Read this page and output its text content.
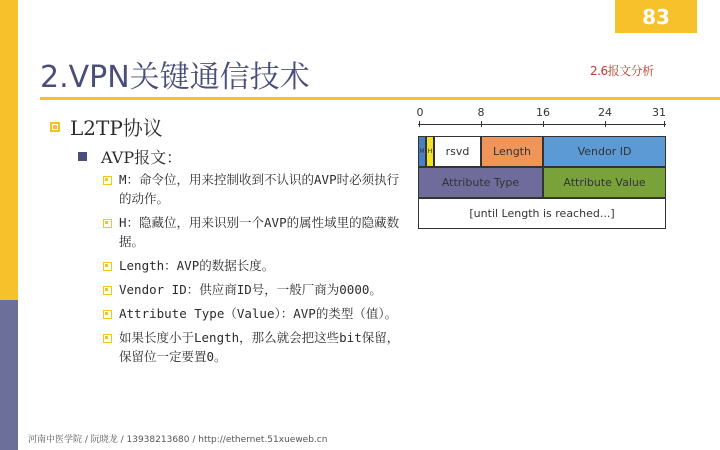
83
2.VPN关键通信技术	2.6报文分析
L2TP协议
AVP报文：
M：命令位，用来控制收到不认识的AVP时必须执行的动作。
H：隐藏位，用来识别一个AVP的属性域里的隐藏数据。
Length：AVP的数据长度。
Vendor ID：供应商ID号，一般厂商为0000。
Attribute Type（Value）：AVP的类型（值）。
如果长度小于Length，那么就会把这些bit保留，保留位一定要置0。
0	8	16	24	31
M H	rsvd	Length	Vendor ID
Attribute Type	Attribute Value
[until Length is reached...]
河南中医学院 / 阮晓龙 / 13938213680 / http://ethernet.51xueweb.cn
